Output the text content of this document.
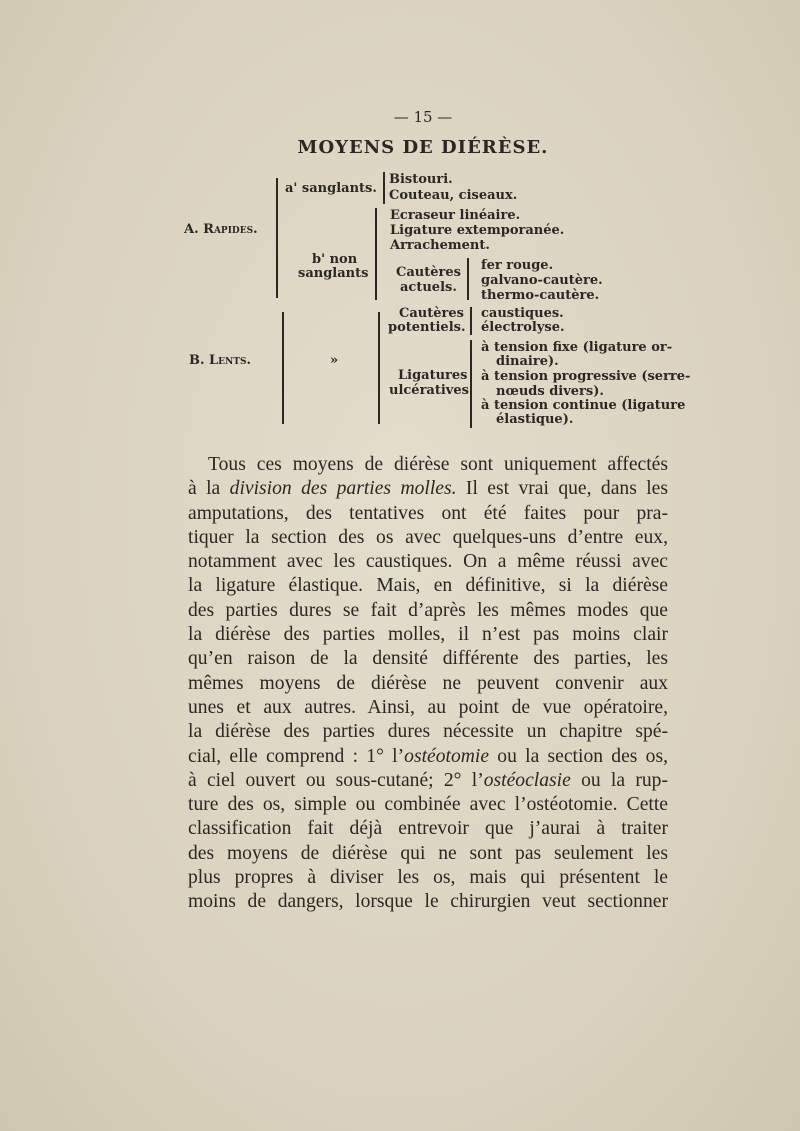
— 15 —
MOYENS DE DIÉRÈSE.
A. Rapides.
B. Lents.
a' sanglants.
Bistouri.
Couteau, ciseaux.
b' non
sanglants
Ecraseur linéaire.
Ligature extemporanée.
Arrachement.
Cautères
actuels.
fer rouge.
galvano-cautère.
thermo-cautère.
Cautères
potentiels.
caustiques.
électrolyse.
»
Ligatures
ulcératives
à tension fixe (ligature or-
dinaire).
à tension progressive (serre-
nœuds divers).
à tension continue (ligature
élastique).
Tous ces moyens de diérèse sont uniquement affectés
à la division des parties molles. Il est vrai que, dans les
amputations, des tentatives ont été faites pour pra-
tiquer la section des os avec quelques-uns d’entre eux,
notamment avec les caustiques. On a même réussi avec
la ligature élastique. Mais, en définitive, si la diérèse
des parties dures se fait d’après les mêmes modes que
la diérèse des parties molles, il n’est pas moins clair
qu’en raison de la densité différente des parties, les
mêmes moyens de diérèse ne peuvent convenir aux
unes et aux autres. Ainsi, au point de vue opératoire,
la diérèse des parties dures nécessite un chapitre spé-
cial, elle comprend : 1° l’ostéotomie ou la section des os,
à ciel ouvert ou sous-cutané; 2° l’ostéoclasie ou la rup-
ture des os, simple ou combinée avec l’ostéotomie. Cette
classification fait déjà entrevoir que j’aurai à traiter
des moyens de diérèse qui ne sont pas seulement les
plus propres à diviser les os, mais qui présentent le
moins de dangers, lorsque le chirurgien veut sectionner
